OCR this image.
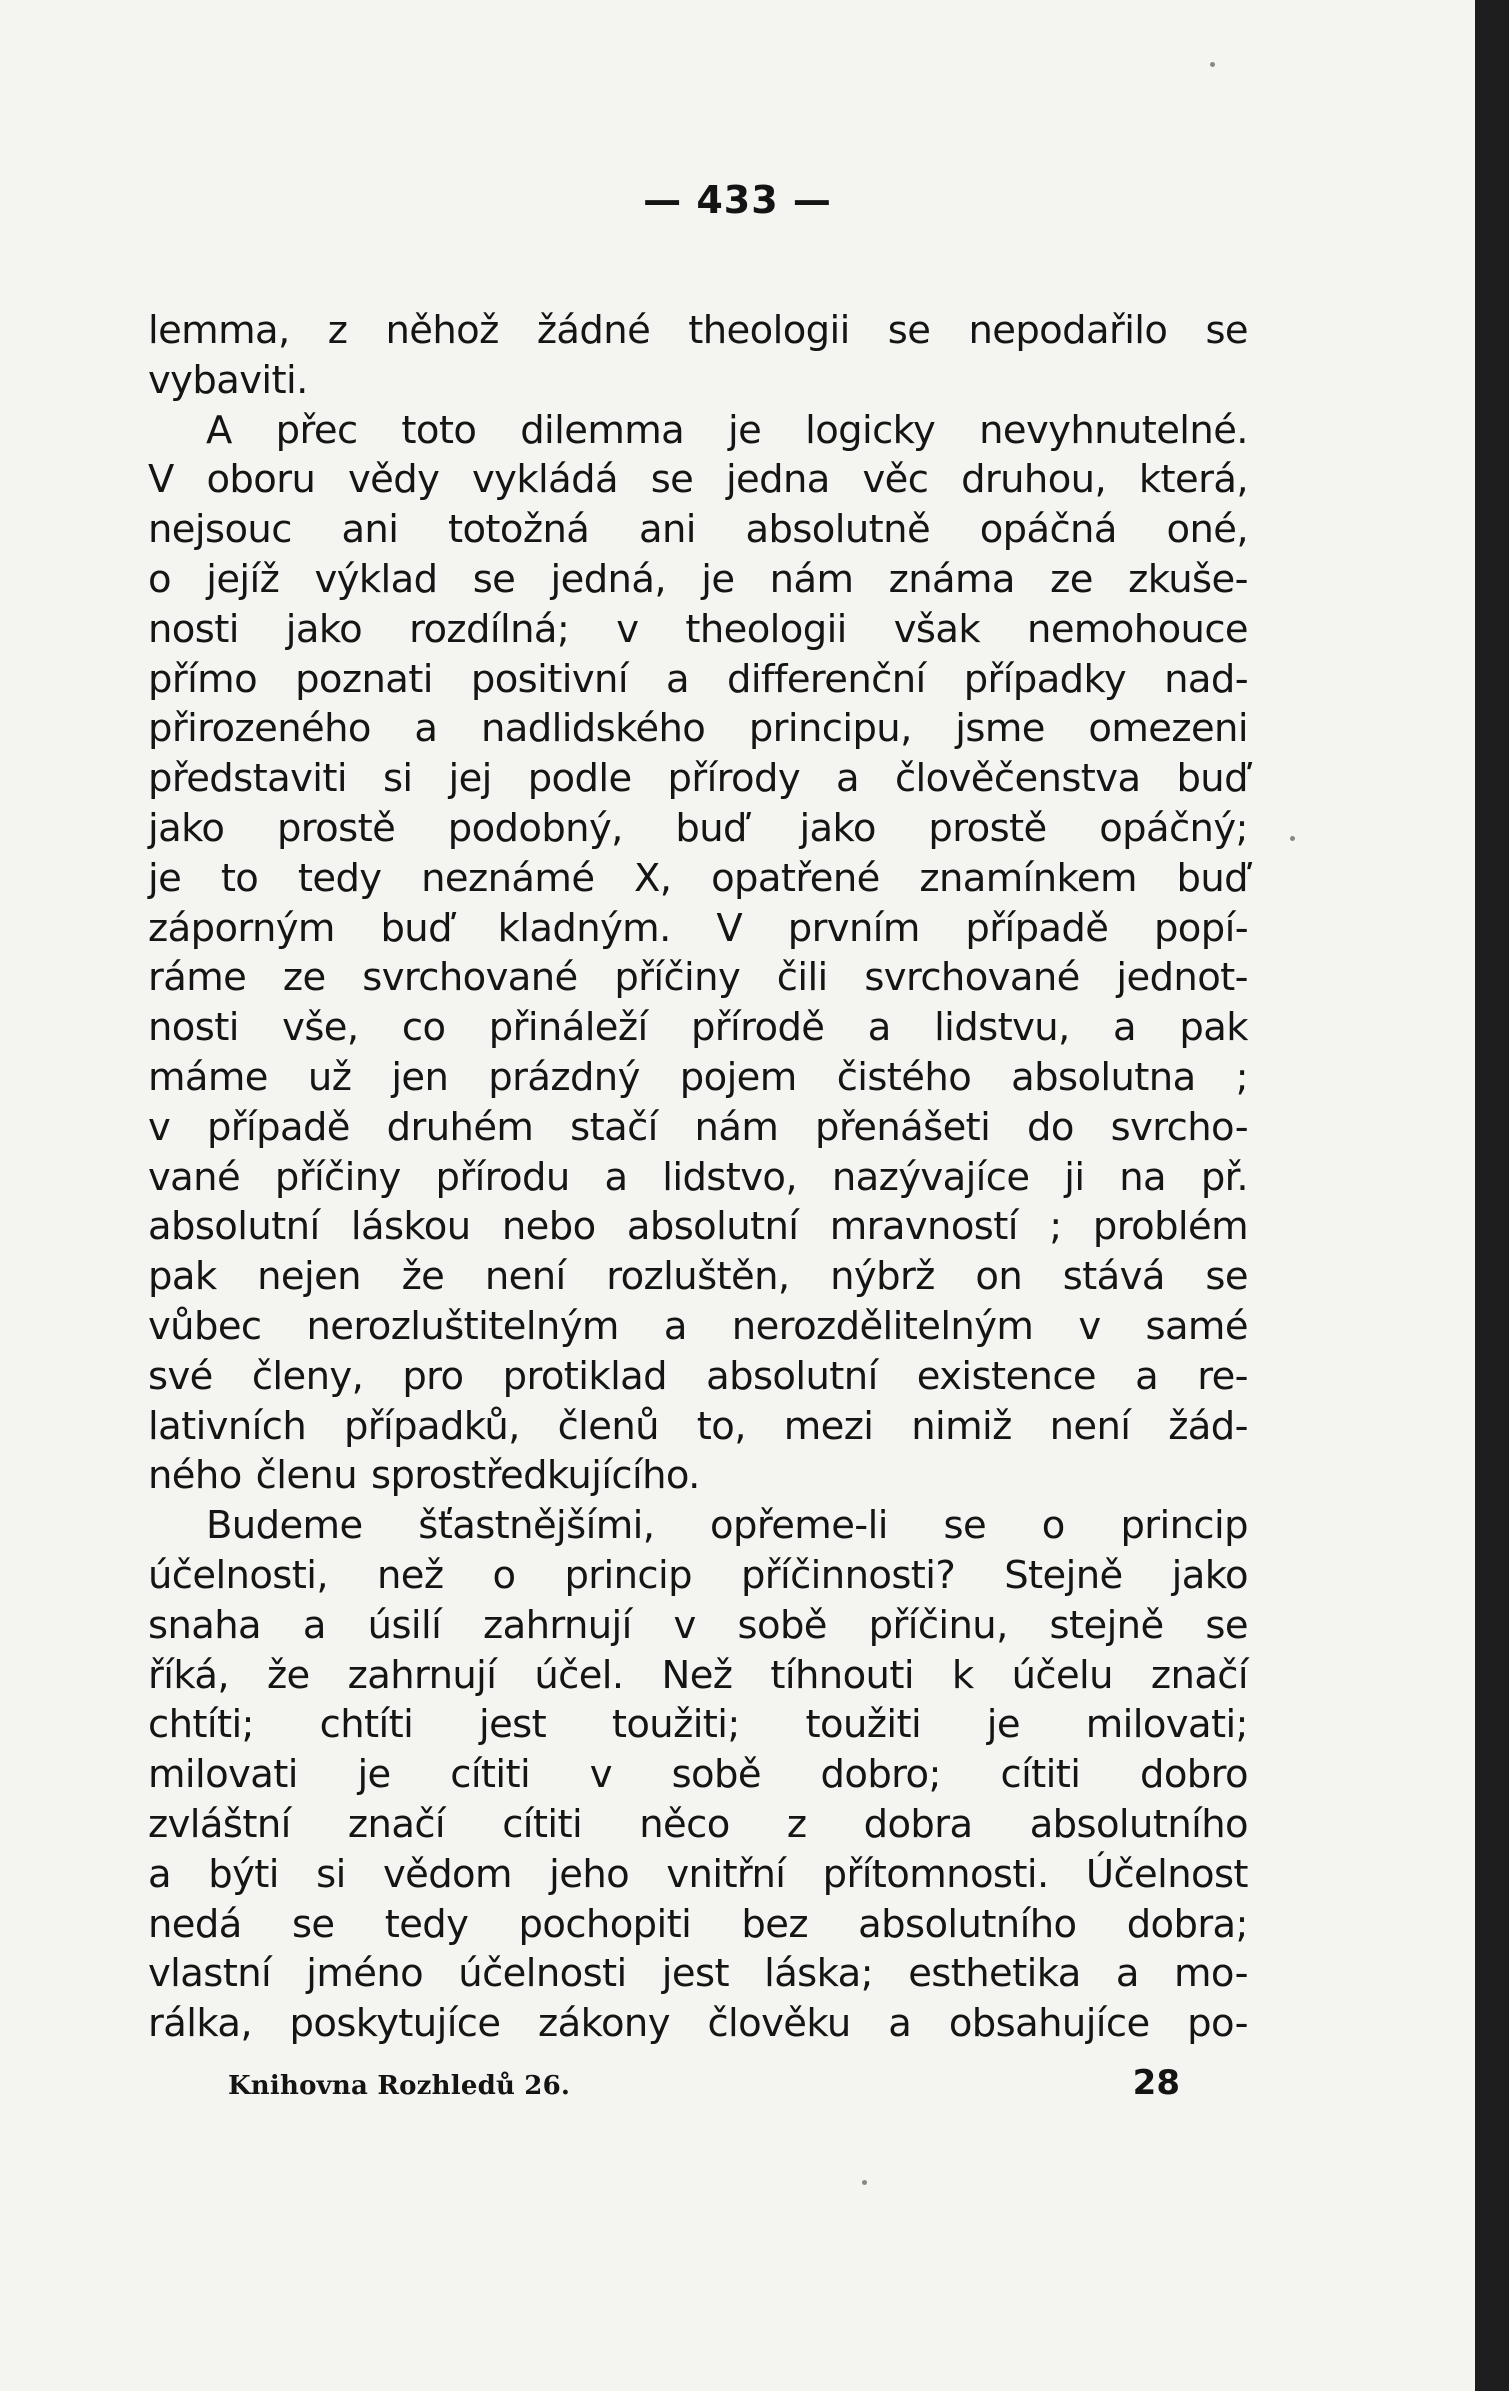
— 433 —
lemma, z něhož žádné theologii se nepodařilo se
vybaviti.
A přec toto dilemma je logicky nevyhnutelné.
V oboru vědy vykládá se jedna věc druhou, která,
nejsouc ani totožná ani absolutně opáčná oné,
o jejíž výklad se jedná, je nám známa ze zkuše-
nosti jako rozdílná; v theologii však nemohouce
přímo poznati positivní a differenční případky nad-
přirozeného a nadlidského principu, jsme omezeni
představiti si jej podle přírody a člověčenstva buď
jako prostě podobný, buď jako prostě opáčný;
je to tedy neznámé X, opatřené znamínkem buď
záporným buď kladným. V prvním případě popí-
ráme ze svrchované příčiny čili svrchované jednot-
nosti vše, co přináleží přírodě a lidstvu, a pak
máme už jen prázdný pojem čistého absolutna ;
v případě druhém stačí nám přenášeti do svrcho-
vané příčiny přírodu a lidstvo, nazývajíce ji na př.
absolutní láskou nebo absolutní mravností ; problém
pak nejen že není rozluštěn, nýbrž on stává se
vůbec nerozluštitelným a nerozdělitelným v samé
své členy, pro protiklad absolutní existence a re-
lativních případků, členů to, mezi nimiž není žád-
ného členu sprostředkujícího.
Budeme šťastnějšími, opřeme-li se o princip
účelnosti, než o princip příčinnosti? Stejně jako
snaha a úsilí zahrnují v sobě příčinu, stejně se
říká, že zahrnují účel. Než tíhnouti k účelu značí
chtíti; chtíti jest toužiti; toužiti je milovati;
milovati je cítiti v sobě dobro; cítiti dobro
zvláštní značí cítiti něco z dobra absolutního
a býti si vědom jeho vnitřní přítomnosti. Účelnost
nedá se tedy pochopiti bez absolutního dobra;
vlastní jméno účelnosti jest láska; esthetika a mo-
rálka, poskytujíce zákony člověku a obsahujíce po-
Knihovna Rozhledů 26.	28
